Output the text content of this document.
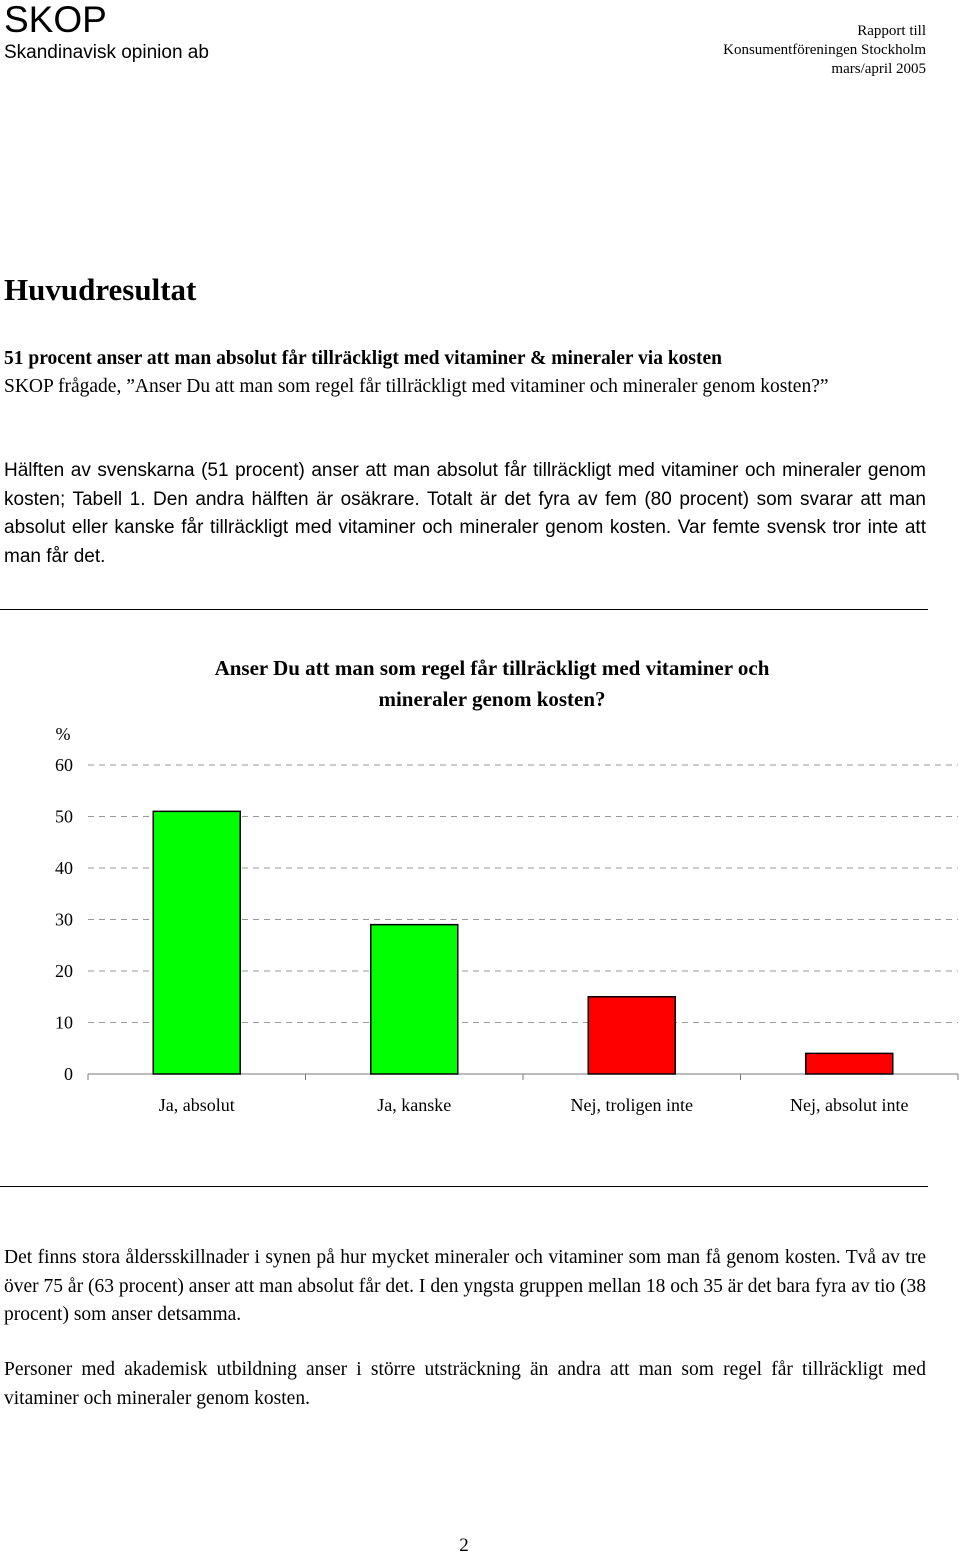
SKOP
Skandinavisk opinion ab
Rapport till
Konsumentföreningen Stockholm
mars/april 2005
Huvudresultat
51 procent anser att man absolut får tillräckligt med vitaminer & mineraler via kosten
SKOP frågade, ”Anser Du att man som regel får tillräckligt med vitaminer och mineraler genom kosten?”
Hälften av svenskarna (51 procent) anser att man absolut får tillräckligt med vitaminer och mineraler genom kosten; Tabell 1. Den andra hälften är osäkrare. Totalt är det fyra av fem (80 procent) som svarar att man absolut eller kanske får tillräckligt med vitaminer och mineraler genom kosten. Var femte svensk tror inte att man får det.
Anser Du att man som regel får tillräckligt med vitaminer och mineraler genom kosten?
%
0
10
20
30
40
50
60
Ja, absolut	Ja, kanske	Nej, troligen inte	Nej, absolut inte
Det finns stora åldersskillnader i synen på hur mycket mineraler och vitaminer som man få genom kosten. Två av tre över 75 år (63 procent) anser att man absolut får det. I den yngsta gruppen mellan 18 och 35 är det bara fyra av tio (38 procent) som anser detsamma.
Personer med akademisk utbildning anser i större utsträckning än andra att man som regel får tillräckligt med vitaminer och mineraler genom kosten.
2
